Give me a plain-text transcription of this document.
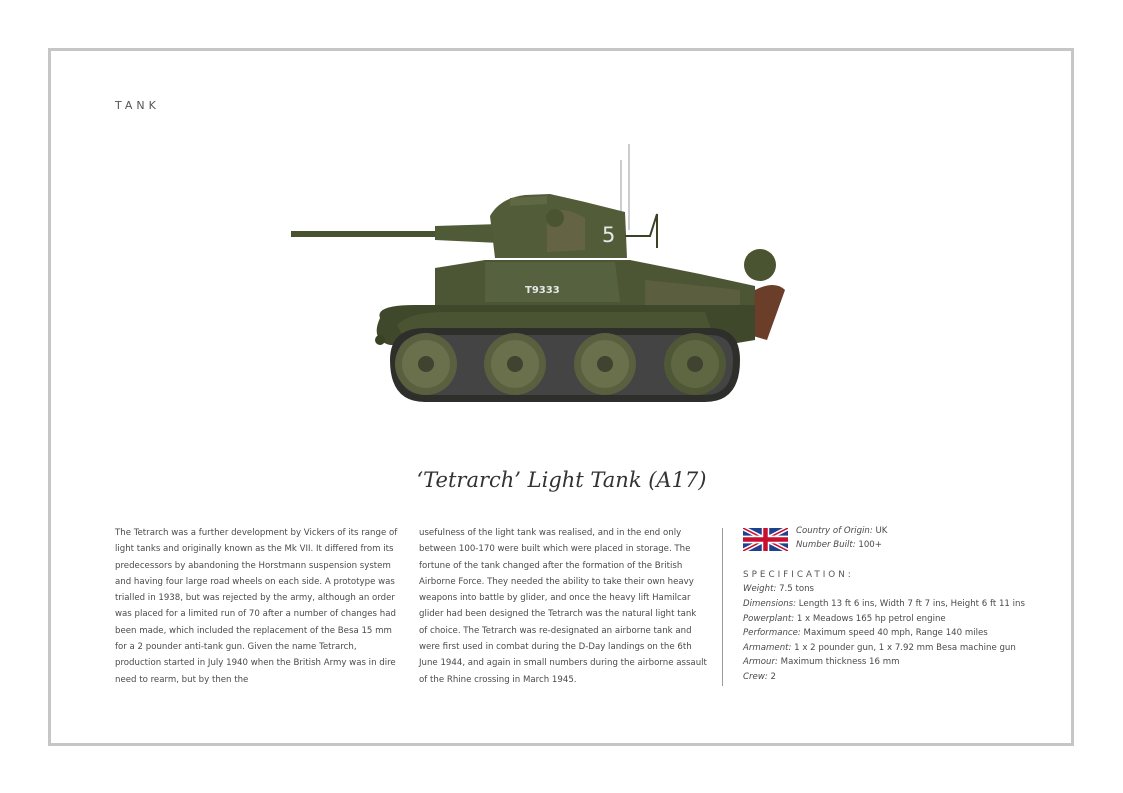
TANK
5
T9333
‘Tetrarch’ Light Tank (A17)
The Tetrarch was a further development by Vickers of its range of light tanks and originally known as the Mk VII. It differed from its predecessors by abandoning the Horstmann suspension system and having four large road wheels on each side. A prototype was trialled in 1938, but was rejected by the army, although an order was placed for a limited run of 70 after a number of changes had been made, which included the replacement of the Besa 15 mm for a 2 pounder anti-tank gun. Given the name Tetrarch, production started in July 1940 when the British Army was in dire need to rearm, but by then the
usefulness of the light tank was realised, and in the end only between 100-170 were built which were placed in storage. The fortune of the tank changed after the formation of the British Airborne Force. They needed the ability to take their own heavy weapons into battle by glider, and once the heavy lift Hamilcar glider had been designed the Tetrarch was the natural light tank of choice. The Tetrarch was re-designated an airborne tank and were first used in combat during the D-Day landings on the 6th June 1944, and again in small numbers during the airborne assault of the Rhine crossing in March 1945.
Country of Origin: UK
Number Built: 100+
SPECIFICATION:
Weight: 7.5 tons
Dimensions: Length 13 ft 6 ins, Width 7 ft 7 ins, Height 6 ft 11 ins
Powerplant: 1 x Meadows 165 hp petrol engine
Performance: Maximum speed 40 mph, Range 140 miles
Armament: 1 x 2 pounder gun, 1 x 7.92 mm Besa machine gun
Armour: Maximum thickness 16 mm
Crew: 2
